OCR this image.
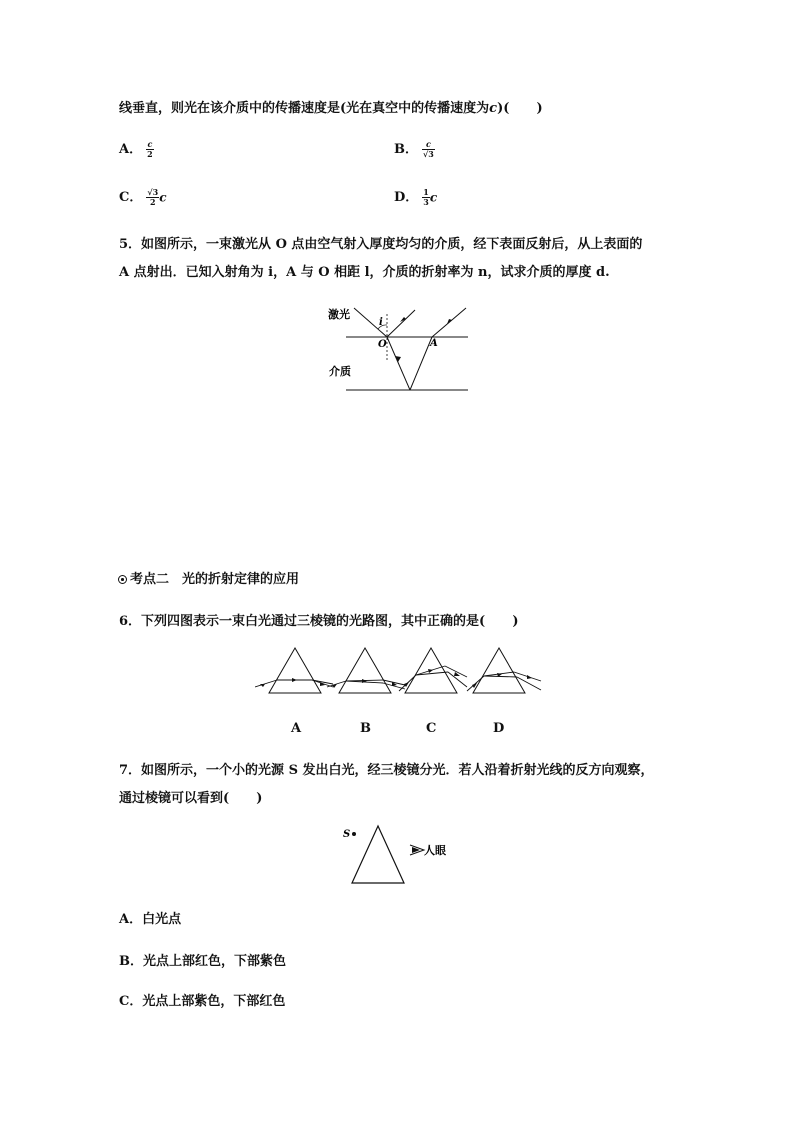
线垂直，则光在该介质中的传播速度是(光在真空中的传播速度为c)(      )
A． $\frac{c}{2}$	B． $\frac{c}{√3}$
C． $\frac{√3}{2}$ c	D． $\frac{1}{3}$ c
5．如图所示，一束激光从 O 点由空气射入厚度均匀的介质，经下表面反射后，从上表面的
A 点射出．已知入射角为 i，A 与 O 相距 l，介质的折射率为 n，试求介质的厚度 d.
激光
i
O	A
介质
考点二　光的折射定律的应用
6．下列四图表示一束白光通过三棱镜的光路图，其中正确的是(      )
A	B	C	D
7．如图所示，一个小的光源 S 发出白光，经三棱镜分光．若人沿着折射光线的反方向观察，
通过棱镜可以看到(      )
S
人眼
A．白光点
B．光点上部红色，下部紫色
C．光点上部紫色，下部红色
